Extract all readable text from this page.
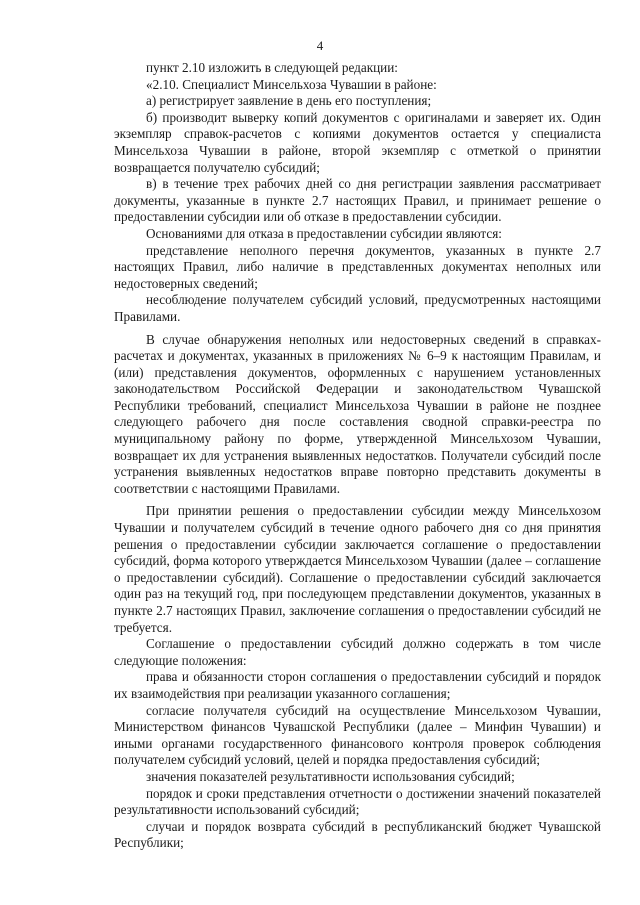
4

пункт 2.10 изложить в следующей редакции:

«2.10. Специалист Минсельхоза Чувашии в районе:

а) регистрирует заявление в день его поступления;

б) производит выверку копий документов с оригиналами и заверяет их. Один экземпляр справок-расчетов с копиями документов остается у специалиста Минсельхоза Чувашии в районе, второй экземпляр с отметкой о принятии возвращается получателю субсидий;

в) в течение трех рабочих дней со дня регистрации заявления рассматривает документы, указанные в пункте 2.7 настоящих Правил, и принимает решение о предоставлении субсидии или об отказе в предоставлении субсидии.

Основаниями для отказа в предоставлении субсидии являются:

представление неполного перечня документов, указанных в пункте 2.7 настоящих Правил, либо наличие в представленных документах неполных или недостоверных сведений;

несоблюдение получателем субсидий условий, предусмотренных настоящими Правилами.

В случае обнаружения неполных или недостоверных сведений в справках-расчетах и документах, указанных в приложениях № 6–9 к настоящим Правилам, и (или) представления документов, оформленных с нарушением установленных законодательством Российской Федерации и законодательством Чувашской Республики требований, специалист Минсельхоза Чувашии в районе не позднее следующего рабочего дня после составления сводной справки-реестра по муниципальному району по форме, утвержденной Минсельхозом Чувашии, возвращает их для устранения выявленных недостатков. Получатели субсидий после устранения выявленных недостатков вправе повторно представить документы в соответствии с настоящими Правилами.

При принятии решения о предоставлении субсидии между Минсельхозом Чувашии и получателем субсидий в течение одного рабочего дня со дня принятия решения о предоставлении субсидии заключается соглашение о предоставлении субсидий, форма которого утверждается Минсельхозом Чувашии (далее – соглашение о предоставлении субсидий). Соглашение о предоставлении субсидий заключается один раз на текущий год, при последующем представлении документов, указанных в пункте 2.7 настоящих Правил, заключение соглашения о предоставлении субсидий не требуется.

Соглашение о предоставлении субсидий должно содержать в том числе следующие положения:

права и обязанности сторон соглашения о предоставлении субсидий и порядок их взаимодействия при реализации указанного соглашения;

согласие получателя субсидий на осуществление Минсельхозом Чувашии, Министерством финансов Чувашской Республики (далее – Минфин Чувашии) и иными органами государственного финансового контроля проверок соблюдения получателем субсидий условий, целей и порядка предоставления субсидий;

значения показателей результативности использования субсидий;

порядок и сроки представления отчетности о достижении значений показателей результативности использований субсидий;

случаи и порядок возврата субсидий в республиканский бюджет Чувашской Республики;
